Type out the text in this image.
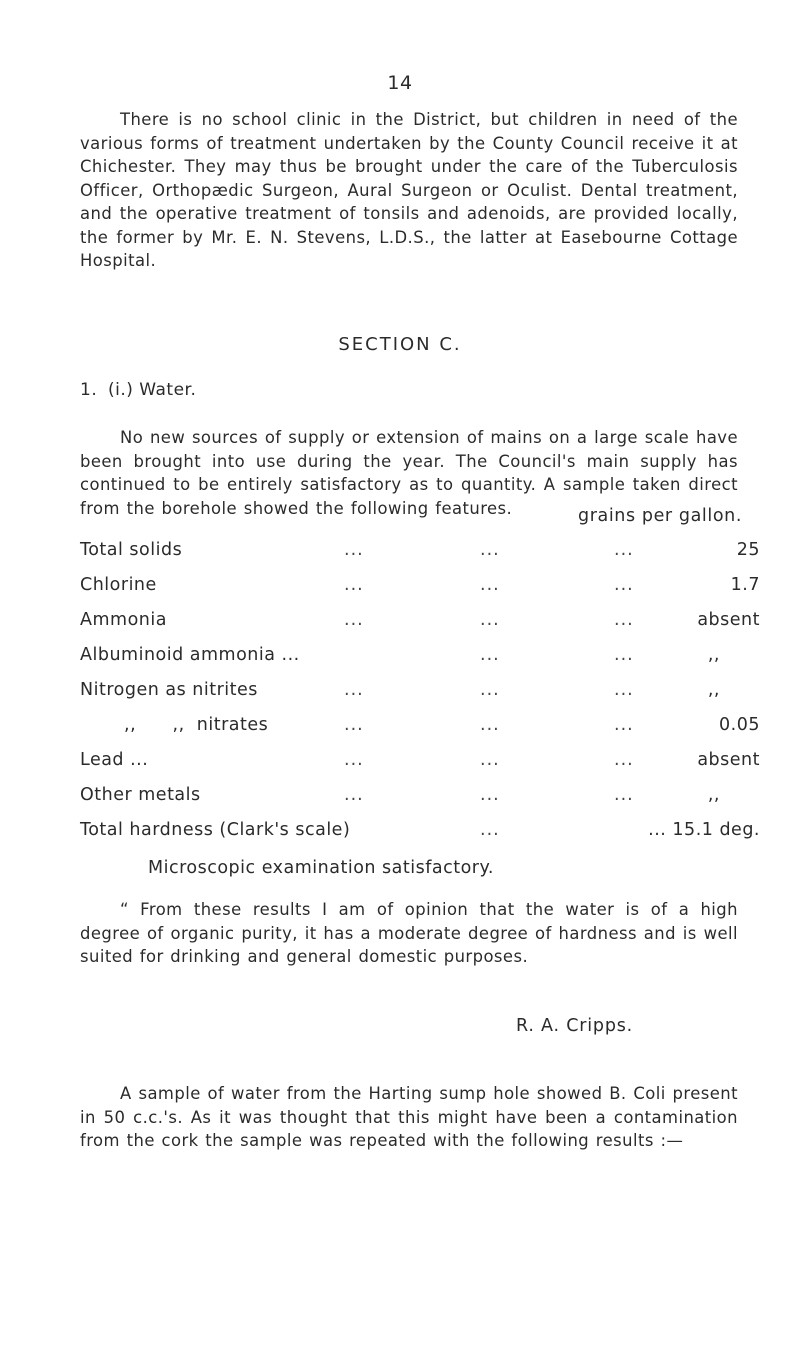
14

There is no school clinic in the District, but children in need of the various forms of treatment undertaken by the County Council receive it at Chichester. They may thus be brought under the care of the Tuberculosis Officer, Orthopædic Surgeon, Aural Surgeon or Oculist. Dental treatment, and the operative treatment of tonsils and adenoids, are provided locally, the former by Mr. E. N. Stevens, L.D.S., the latter at Easebourne Cottage Hospital.

SECTION C.
1. (i.) Water.

No new sources of supply or extension of mains on a large scale have been brought into use during the year. The Council's main supply has continued to be entirely satisfactory as to quantity. A sample taken direct from the borehole showed the following features.	grains per gallon.
Total solids	...	...	...	25
Chlorine	...	...	...	1.7
Ammonia	...	...	...	absent
Albuminoid ammonia ...	...	...	,,
Nitrogen as nitrites	...	...	...	,,
,,      ,,  nitrates	...	...	...	0.05
Lead ...	...	...	...	absent
Other metals	...	...	...	,,
Total hardness (Clark's scale)	...	... 15.1 deg.
Microscopic examination satisfactory.

“ From these results I am of opinion that the water is of a high degree of organic purity, it has a moderate degree of hardness and is well suited for drinking and general domestic purposes.

R. A. Cripps.

A sample of water from the Harting sump hole showed B. Coli present in 50 c.c.'s. As it was thought that this might have been a contamination from the cork the sample was repeated with the following results :—
